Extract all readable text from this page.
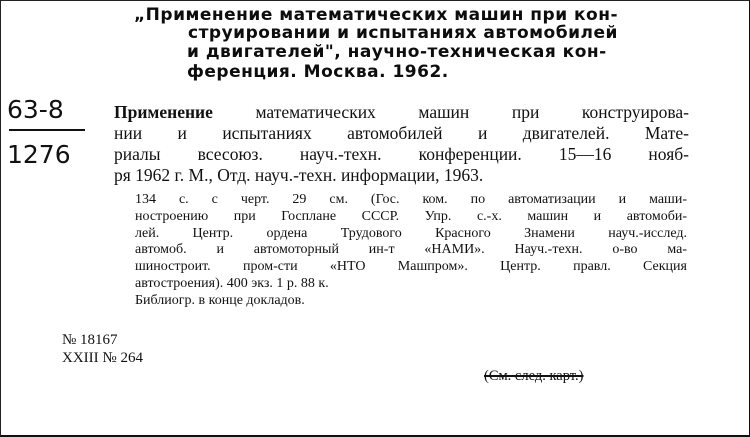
„Применение математических машин при кон-
струировании и испытаниях автомобилей
и двигателей", научно-техническая кон-
ференция. Москва. 1962.
63-8
1276
Применение математических машин при конструирова-
нии и испытаниях автомобилей и двигателей. Мате-
риалы всесоюз. науч.-техн. конференции. 15—16 нояб-
ря 1962 г. М., Отд. науч.-техн. информации, 1963.
134 с. с черт. 29 см. (Гос. ком. по автоматизации и маши-
ностроению при Госплане СССР. Упр. с.-х. машин и автомоби-
лей. Центр. ордена Трудового Красного Знамени науч.-исслед.
автомоб. и автомоторный ин-т «НАМИ». Науч.-техн. о-во ма-
шиностроит. пром-сти «НТО Машпром». Центр. правл. Секция
автостроения). 400 экз. 1 р. 88 к.
Библиогр. в конце докладов.
№ 18167
XXIII № 264
(См. след. карт.)
